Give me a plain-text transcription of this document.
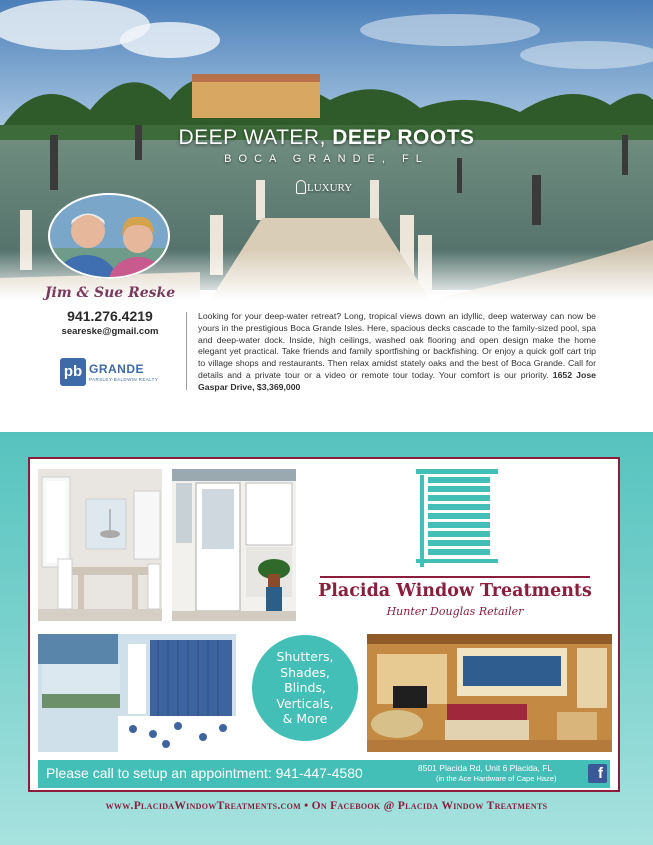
DEEP WATER, DEEP ROOTS
BOCA GRANDE, FL
LUXURY
Jim & Sue Reske
941.276.4219
seareske@gmail.com
pb GRANDE
PARSLEY-BALDWIN REALTY
Looking for your deep-water retreat? Long, tropical views down an idyllic, deep waterway can now be yours in the prestigious Boca Grande Isles. Here, spacious decks cascade to the family-sized pool, spa and deep-water dock. Inside, high ceilings, washed oak flooring and open design make the home elegant yet practical. Take friends and family sportfishing or backfishing. Or enjoy a quick golf cart trip to village shops and restaurants. Then relax amidst stately oaks and the best of Boca Grande. Call for details and a private tour or a video or remote tour today. Your comfort is our priority. 1652 Jose Gaspar Drive, $3,369,000
Placida Window Treatments
Hunter Douglas Retailer
Shutters,
Shades,
Blinds,
Verticals,
& More
Please call to setup an appointment: 941-447-4580	8501 Placida Rd, Unit 6 Placida, FL
(in the Ace Hardware of Cape Haze)	f
www.PlacidaWindowTreatments.com • On Facebook @ Placida Window Treatments
